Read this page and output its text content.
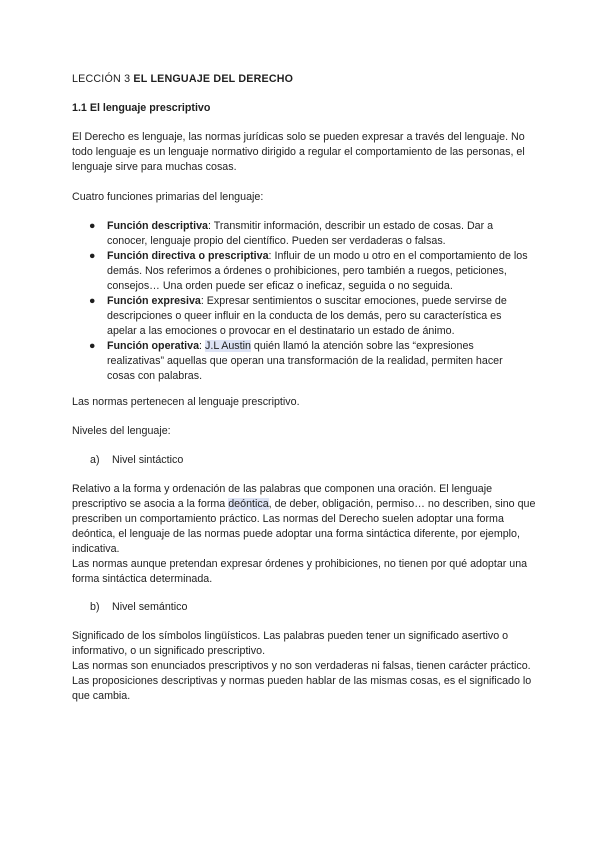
LECCIÓN 3 EL LENGUAJE DEL DERECHO

1.1 El lenguaje prescriptivo

El Derecho es lenguaje, las normas jurídicas solo se pueden expresar a través del lenguaje. No todo lenguaje es un lenguaje normativo dirigido a regular el comportamiento de las personas, el lenguaje sirve para muchas cosas.

Cuatro funciones primarias del lenguaje:

● Función descriptiva: Transmitir información, describir un estado de cosas. Dar a conocer, lenguaje propio del científico. Pueden ser verdaderas o falsas.
● Función directiva o prescriptiva: Influir de un modo u otro en el comportamiento de los demás. Nos referimos a órdenes o prohibiciones, pero también a ruegos, peticiones, consejos… Una orden puede ser eficaz o ineficaz, seguida o no seguida.
● Función expresiva: Expresar sentimientos o suscitar emociones, puede servirse de descripciones o queer influir en la conducta de los demás, pero su característica es apelar a las emociones o provocar en el destinatario un estado de ánimo.
● Función operativa: J.L Austin quién llamó la atención sobre las “expresiones realizativas” aquellas que operan una transformación de la realidad, permiten hacer cosas con palabras.

Las normas pertenecen al lenguaje prescriptivo.

Niveles del lenguaje:

a) Nivel sintáctico

Relativo a la forma y ordenación de las palabras que componen una oración. El lenguaje prescriptivo se asocia a la forma deóntica, de deber, obligación, permiso… no describen, sino que prescriben un comportamiento práctico. Las normas del Derecho suelen adoptar una forma deóntica, el lenguaje de las normas puede adoptar una forma sintáctica diferente, por ejemplo, indicativa.

Las normas aunque pretendan expresar órdenes y prohibiciones, no tienen por qué adoptar una forma sintáctica determinada.

b) Nivel semántico

Significado de los símbolos lingüísticos. Las palabras pueden tener un significado asertivo o informativo, o un significado prescriptivo.

Las normas son enunciados prescriptivos y no son verdaderas ni falsas, tienen carácter práctico. Las proposiciones descriptivas y normas pueden hablar de las mismas cosas, es el significado lo que cambia.
